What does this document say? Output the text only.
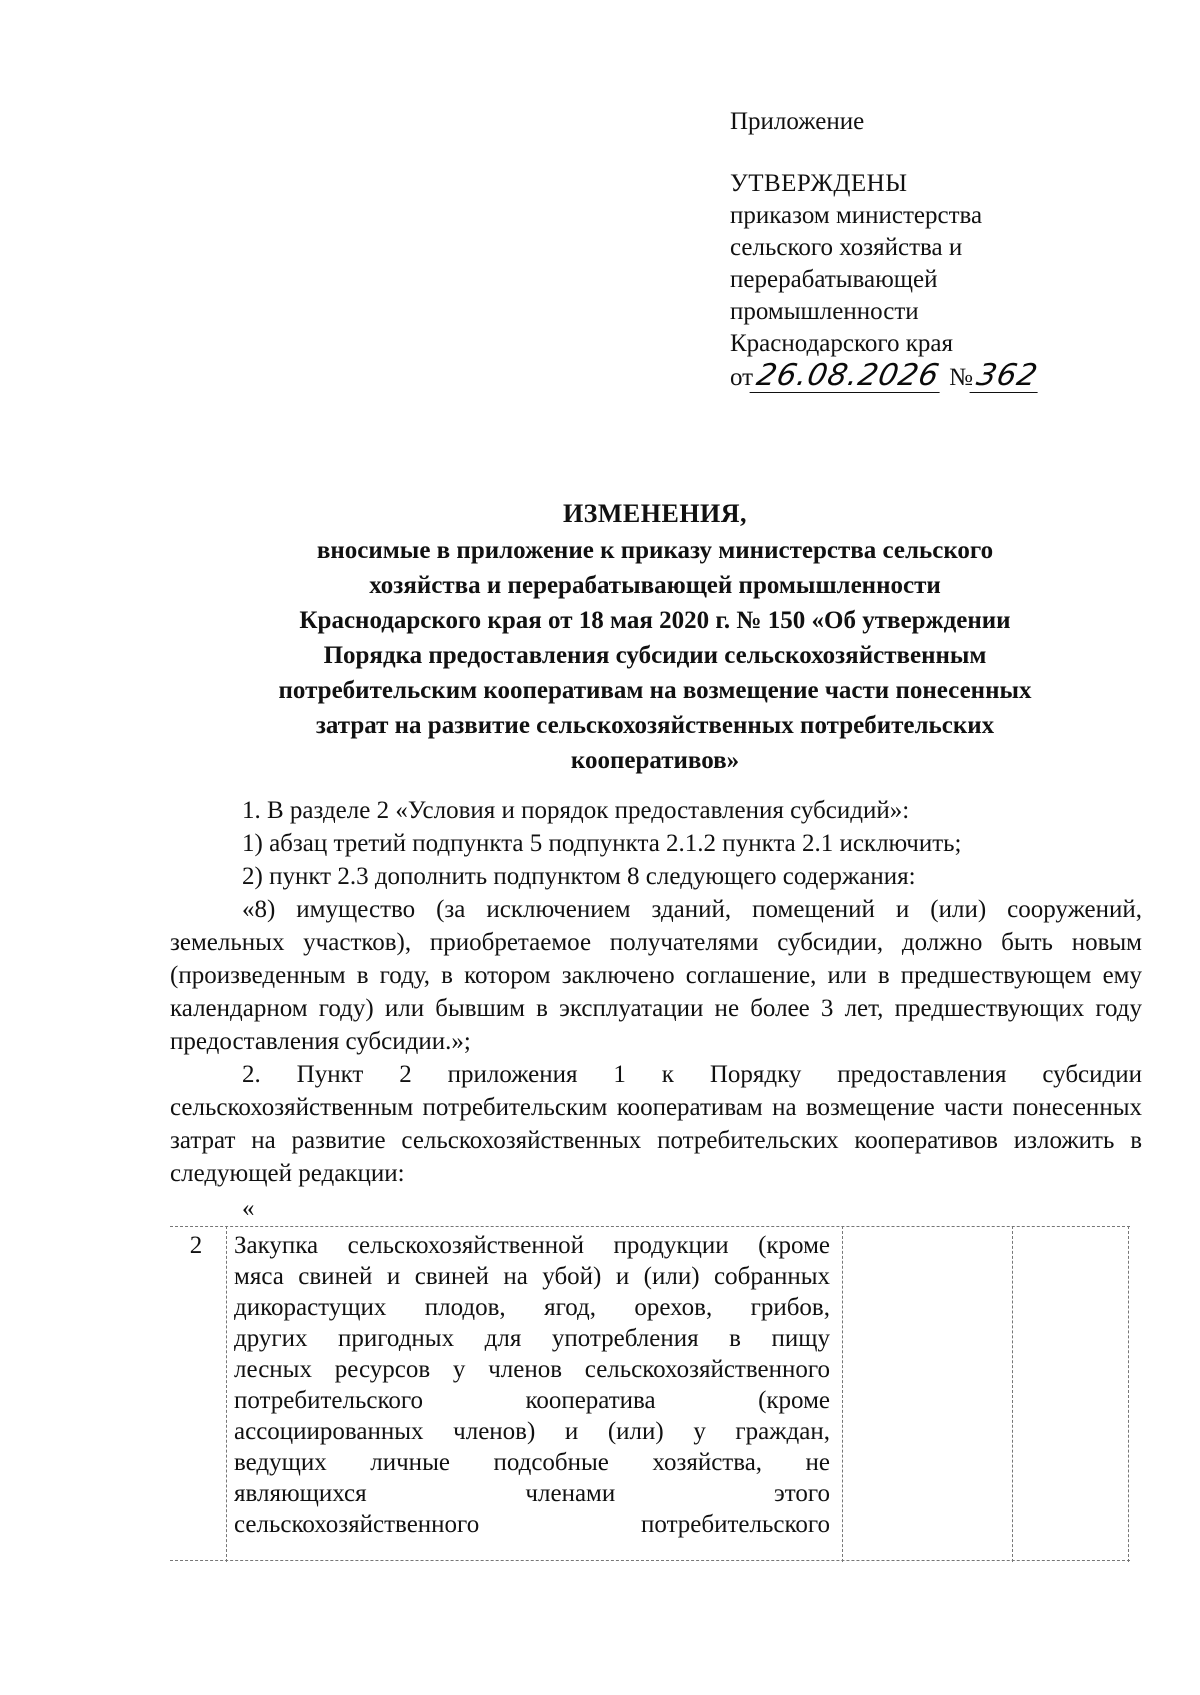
Приложение
УТВЕРЖДЕНЫ
приказом министерства
сельского хозяйства и
перерабатывающей
промышленности
Краснодарского края
от26.08.2026 №362
ИЗМЕНЕНИЯ,
вносимые в приложение к приказу министерства сельского
хозяйства и перерабатывающей промышленности
Краснодарского края от 18 мая 2020 г. № 150 «Об утверждении
Порядка предоставления субсидии сельскохозяйственным
потребительским кооперативам на возмещение части понесенных
затрат на развитие сельскохозяйственных потребительских
кооперативов»

1. В разделе 2 «Условия и порядок предоставления субсидий»:

1) абзац третий подпункта 5 подпункта 2.1.2 пункта 2.1 исключить;

2) пункт 2.3 дополнить подпунктом 8 следующего содержания:

«8) имущество (за исключением зданий, помещений и (или) сооружений, земельных участков), приобретаемое получателями субсидии, должно быть новым (произведенным в году, в котором заключено соглашение, или в предшествующем ему календарном году) или бывшим в эксплуатации не более 3 лет, предшествующих году предоставления субсидии.»;

2. Пункт 2 приложения 1 к Порядку предоставления субсидии сельскохозяйственным потребительским кооперативам на возмещение части понесенных затрат на развитие сельскохозяйственных потребительских кооперативов изложить в следующей редакции:

«
2	Закупка сельскохозяйственной продукции (кроме
мяса свиней и свиней на убой) и (или) собранных
дикорастущих плодов, ягод, орехов, грибов,
других пригодных для употребления в пищу
лесных ресурсов у членов сельскохозяйственного
потребительского кооператива (кроме
ассоциированных членов) и (или) у граждан,
ведущих личные подсобные хозяйства, не
являющихся членами этого
сельскохозяйственного потребительского
